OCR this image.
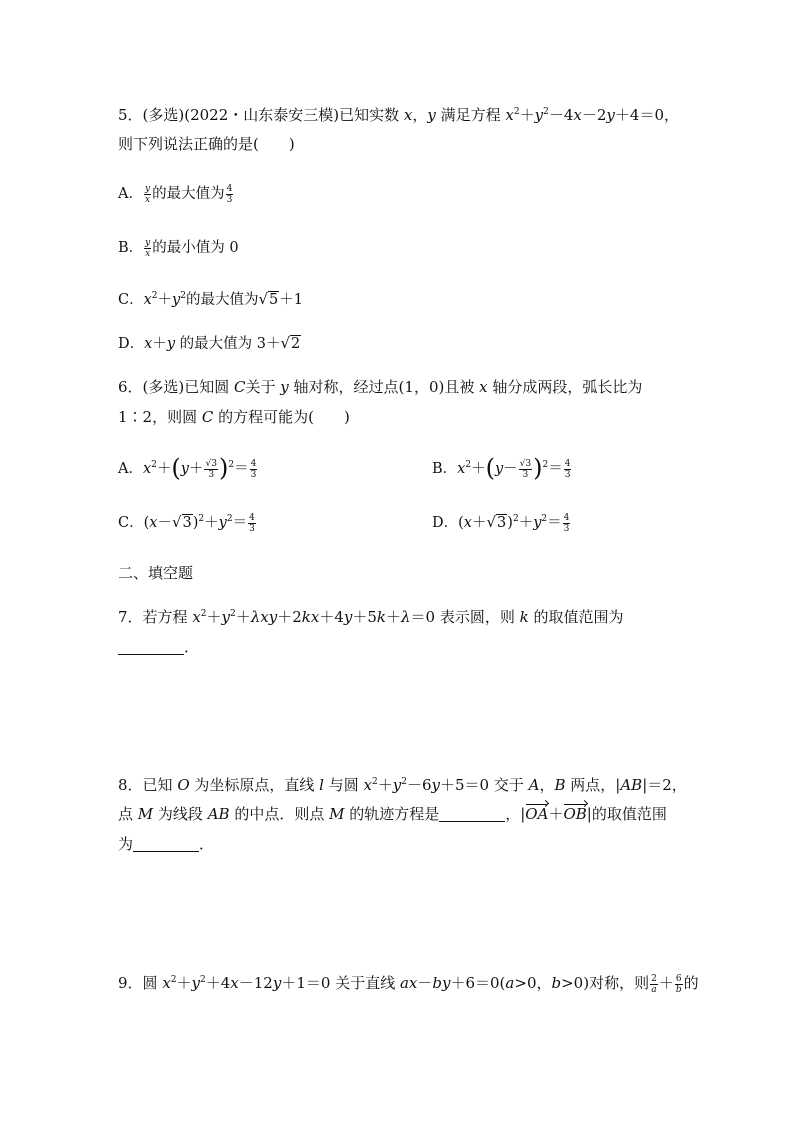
5．(多选)(2022・山东泰安三模)已知实数 x，y 满足方程 $x^2+y^2-4x-2y+4=0$，
则下列说法正确的是(　　)
A． $\frac{y}{x}$ 的最大值为 $\frac{4}{3}$
B． $\frac{y}{x}$ 的最小值为 0
C．$x^2+y^2$的最大值为√5＋1
D．x＋y 的最大值为 3＋√2
6．(多选)已知圆 C关于 y 轴对称，经过点(1，0)且被 x 轴分成两段，弧长比为
1∶2，则圆 C 的方程可能为(　　)
A．$x^2+(y+ \frac{√3}{3} )^2= \frac{4}{3}$	B．$x^2+(y- \frac{√3}{3} )^2= \frac{4}{3}$
C．$(x-√3)^2+y^2= \frac{4}{3}$	D．$(x+√3)^2+y^2= \frac{4}{3}$
二、填空题
7．若方程 $x^2+y^2+\lambda xy+2kx+4y+5k+\lambda=0$ 表示圆，则 k 的取值范围为
．
8．已知 O 为坐标原点，直线 l 与圆 $x^2+y^2-6y+5=0$ 交于 A，B 两点，|AB|＝2，
点 M 为线段 AB 的中点．则点 M 的轨迹方程是	，|OA＋OB|的取值范围
为	．
9．圆 $x^2+y^2+4x-12y+1=0$ 关于直线 ax－by＋6＝0(a>0，b>0)对称，则 $\frac{2}{a} + \frac{6}{b}$ 的
